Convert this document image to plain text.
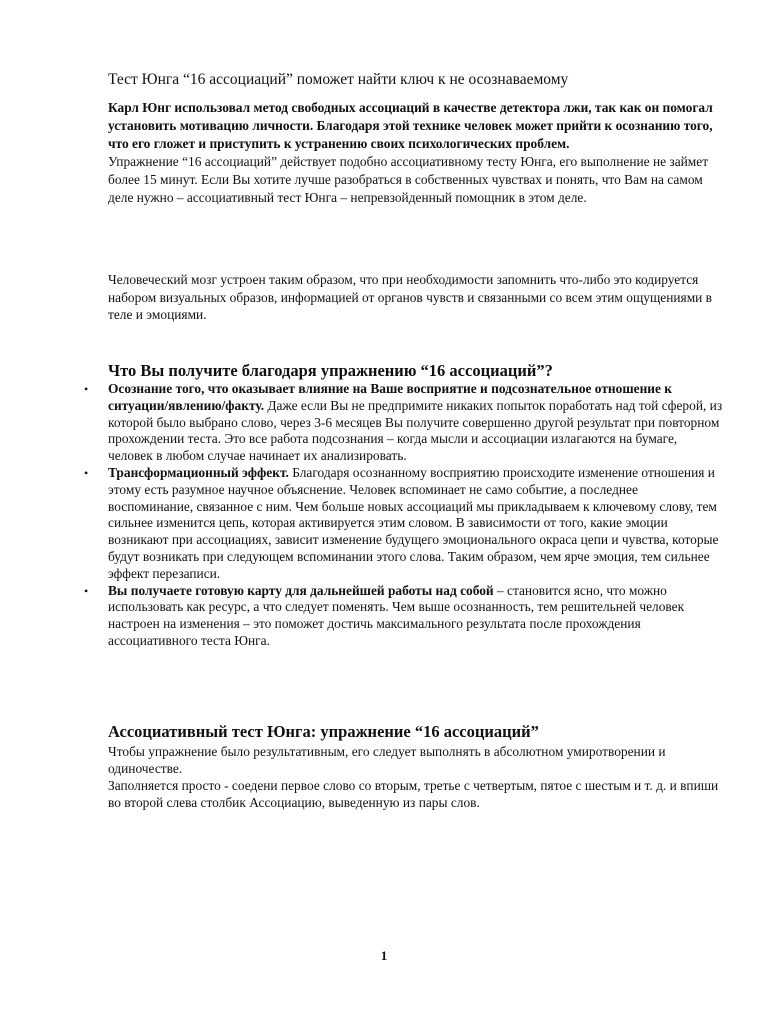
Тест Юнга “16 ассоциаций” поможет найти ключ к не осознаваемому

Карл Юнг использовал метод свободных ассоциаций в качестве детектора лжи, так как он помогал установить мотивацию личности. Благодаря этой технике человек может прийти к осознанию того, что его гложет и приступить к устранению своих психологических проблем.

Упражнение “16 ассоциаций” действует подобно ассоциативному тесту Юнга, его выполнение не займет более 15 минут. Если Вы хотите лучше разобраться в собственных чувствах и понять, что Вам на самом деле нужно – ассоциативный тест Юнга – непревзойденный помощник в этом деле.

Человеческий мозг устроен таким образом, что при необходимости запомнить что-либо это кодируется набором визуальных образов, информацией от органов чувств и связанными со всем этим ощущениями в теле и эмоциями.

Что Вы получите благодаря упражнению “16 ассоциаций”?
• Осознание того, что оказывает влияние на Ваше восприятие и подсознательное отношение к ситуации/явлению/факту. Даже если Вы не предпримите никаких попыток поработать над той сферой, из которой было выбрано слово, через 3-6 месяцев Вы получите совершенно другой результат при повторном прохождении теста. Это все работа подсознания – когда мысли и ассоциации излагаются на бумаге, человек в любом случае начинает их анализировать.
• Трансформационный эффект. Благодаря осознанному восприятию происходите изменение отношения и этому есть разумное научное объяснение. Человек вспоминает не само событие, а последнее воспоминание, связанное с ним. Чем больше новых ассоциаций мы прикладываем к ключевому слову, тем сильнее изменится цепь, которая активируется этим словом. В зависимости от того, какие эмоции возникают при ассоциациях, зависит изменение будущего эмоционального окраса цепи и чувства, которые будут возникать при следующем вспоминании этого слова. Таким образом, чем ярче эмоция, тем сильнее эффект перезаписи.
• Вы получаете готовую карту для дальнейшей работы над собой – становится ясно, что можно использовать как ресурс, а что следует поменять. Чем выше осознанность, тем решительней человек настроен на изменения – это поможет достичь максимального результата после прохождения ассоциативного теста Юнга.
Ассоциативный тест Юнга: упражнение “16 ассоциаций”

Чтобы упражнение было результативным, его следует выполнять в абсолютном умиротворении и одиночестве.

Заполняется просто - соедени первое слово со вторым, третье с четвертым, пятое с шестым и т. д. и впиши во второй слева столбик Ассоциацию, выведенную из пары слов.

1
